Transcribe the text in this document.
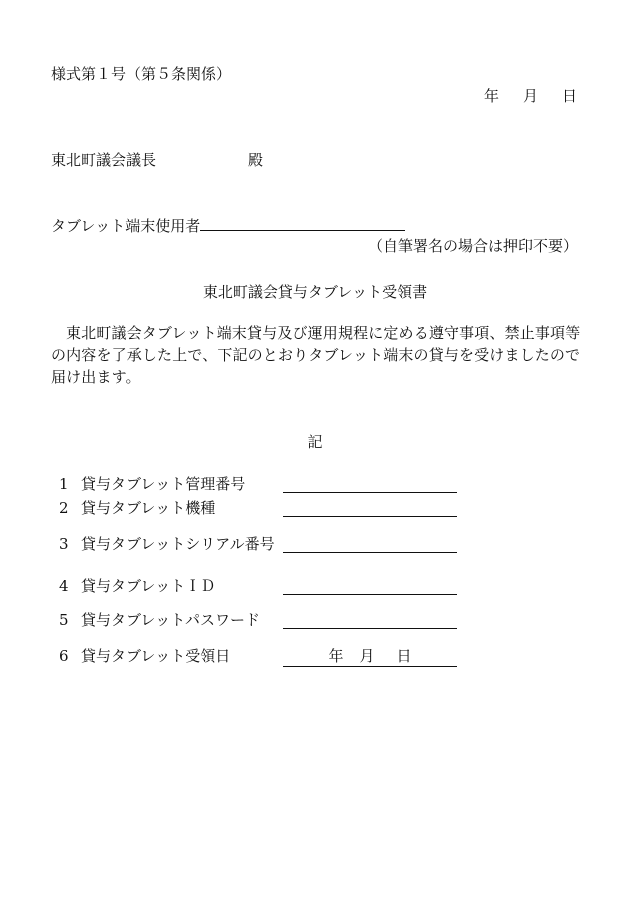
様式第１号（第５条関係）
年 月 日
東北町議会議長	殿
タブレット端末使用者
（自筆署名の場合は押印不要）
東北町議会貸与タブレット受領書
東北町議会タブレット端末貸与及び運用規程に定める遵守事項、禁止事項等の内容を了承した上で、下記のとおりタブレット端末の貸与を受けましたので届け出ます。
記
1 貸与タブレット管理番号
2 貸与タブレット機種
3 貸与タブレットシリアル番号
4 貸与タブレットＩＤ
5 貸与タブレットパスワード
6 貸与タブレット受領日	年 月 日
